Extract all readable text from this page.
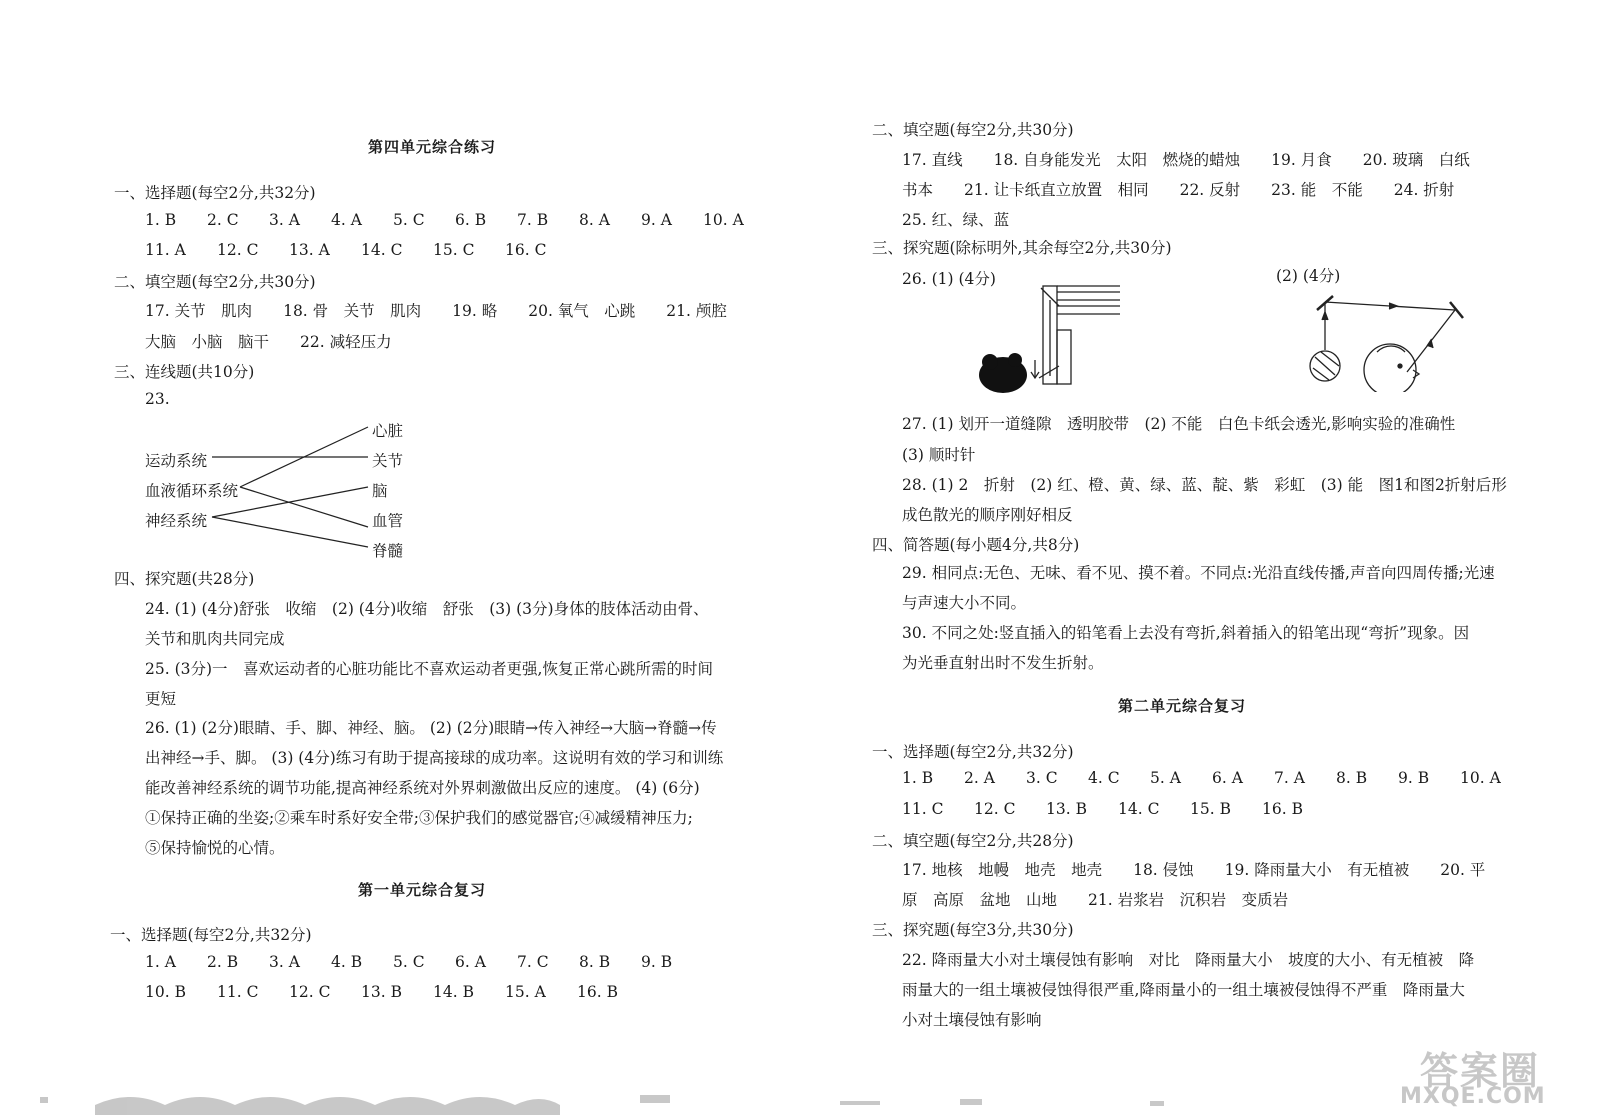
第四单元综合练习
一、选择题(每空2分,共32分)
1. B 2. C 3. A 4. A 5. C 6. B 7. B 8. A 9. A 10. A
11. A 12. C 13. A 14. C 15. C 16. C
二、填空题(每空2分,共30分)
17. 关节　肌肉　　18. 骨　关节　肌肉　　19. 略　　20. 氧气　心跳　　21. 颅腔
大脑　小脑　脑干　　22. 减轻压力
三、连线题(共10分)
23.
运动系统
血液循环系统
神经系统
心脏
关节
脑
血管
脊髓
四、探究题(共28分)
24. (1) (4分)舒张　收缩　(2) (4分)收缩　舒张　(3) (3分)身体的肢体活动由骨、
关节和肌肉共同完成
25. (3分)一　喜欢运动者的心脏功能比不喜欢运动者更强,恢复正常心跳所需的时间
更短
26. (1) (2分)眼睛、手、脚、神经、脑。 (2) (2分)眼睛→传入神经→大脑→脊髓→传
出神经→手、脚。 (3) (4分)练习有助于提高接球的成功率。这说明有效的学习和训练
能改善神经系统的调节功能,提高神经系统对外界刺激做出反应的速度。 (4) (6分)
①保持正确的坐姿;②乘车时系好安全带;③保护我们的感觉器官;④减缓精神压力;
⑤保持愉悦的心情。
第一单元综合复习
一、选择题(每空2分,共32分)
1. A 2. B 3. A 4. B 5. C 6. A 7. C 8. B 9. B
10. B 11. C 12. C 13. B 14. B 15. A 16. B
二、填空题(每空2分,共30分)
17. 直线　　18. 自身能发光　太阳　燃烧的蜡烛　　19. 月食　　20. 玻璃　白纸
书本　　21. 让卡纸直立放置　相同　　22. 反射　　23. 能　不能　　24. 折射
25. 红、绿、蓝
三、探究题(除标明外,其余每空2分,共30分)
26. (1) (4分)	(2) (4分)
27. (1) 划开一道缝隙　透明胶带　(2) 不能　白色卡纸会透光,影响实验的准确性
(3) 顺时针
28. (1) 2　折射　(2) 红、橙、黄、绿、蓝、靛、紫　彩虹　(3) 能　图1和图2折射后形
成色散光的顺序刚好相反
四、简答题(每小题4分,共8分)
29. 相同点:无色、无味、看不见、摸不着。不同点:光沿直线传播,声音向四周传播;光速
与声速大小不同。
30. 不同之处:竖直插入的铅笔看上去没有弯折,斜着插入的铅笔出现“弯折”现象。因
为光垂直射出时不发生折射。
第二单元综合复习
一、选择题(每空2分,共32分)
1. B 2. A 3. C 4. C 5. A 6. A 7. A 8. B 9. B 10. A
11. C 12. C 13. B 14. C 15. B 16. B
二、填空题(每空2分,共28分)
17. 地核　地幔　地壳　地壳　　18. 侵蚀　　19. 降雨量大小　有无植被　　20. 平
原　高原　盆地　山地　　21. 岩浆岩　沉积岩　变质岩
三、探究题(每空3分,共30分)
22. 降雨量大小对土壤侵蚀有影响　对比　降雨量大小　坡度的大小、有无植被　降
雨量大的一组土壤被侵蚀得很严重,降雨量小的一组土壤被侵蚀得不严重　降雨量大
小对土壤侵蚀有影响
答案圈
MXQE.COM
